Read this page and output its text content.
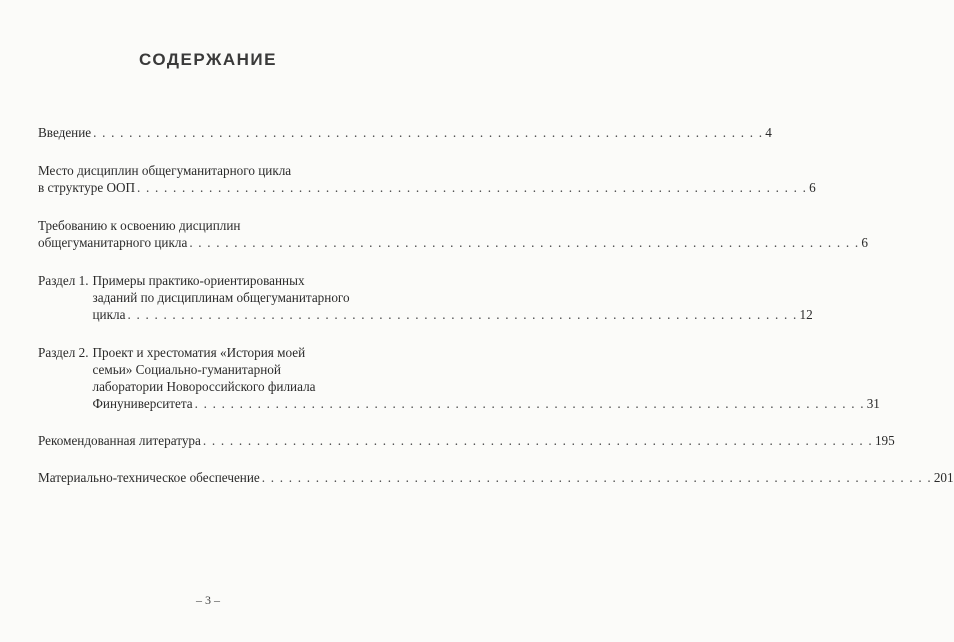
СОДЕРЖАНИЕ
Введение . . .	4
Место дисциплин общегуманитарного цикла
в структуре ООП . . .	6
Требованию к освоению дисциплин
общегуманитарного цикла . . .	6
Раздел 1. Примеры практико-ориентированных
заданий по дисциплинам общегуманитарного
цикла . . .	12
Раздел 2. Проект и хрестоматия «История моей
семьи» Социально-гуманитарной
лаборатории Новороссийского филиала
Финуниверситета . . .	31
Рекомендованная литература . . .	195
Материально-техническое обеспечение . . .	201
– 3 –
